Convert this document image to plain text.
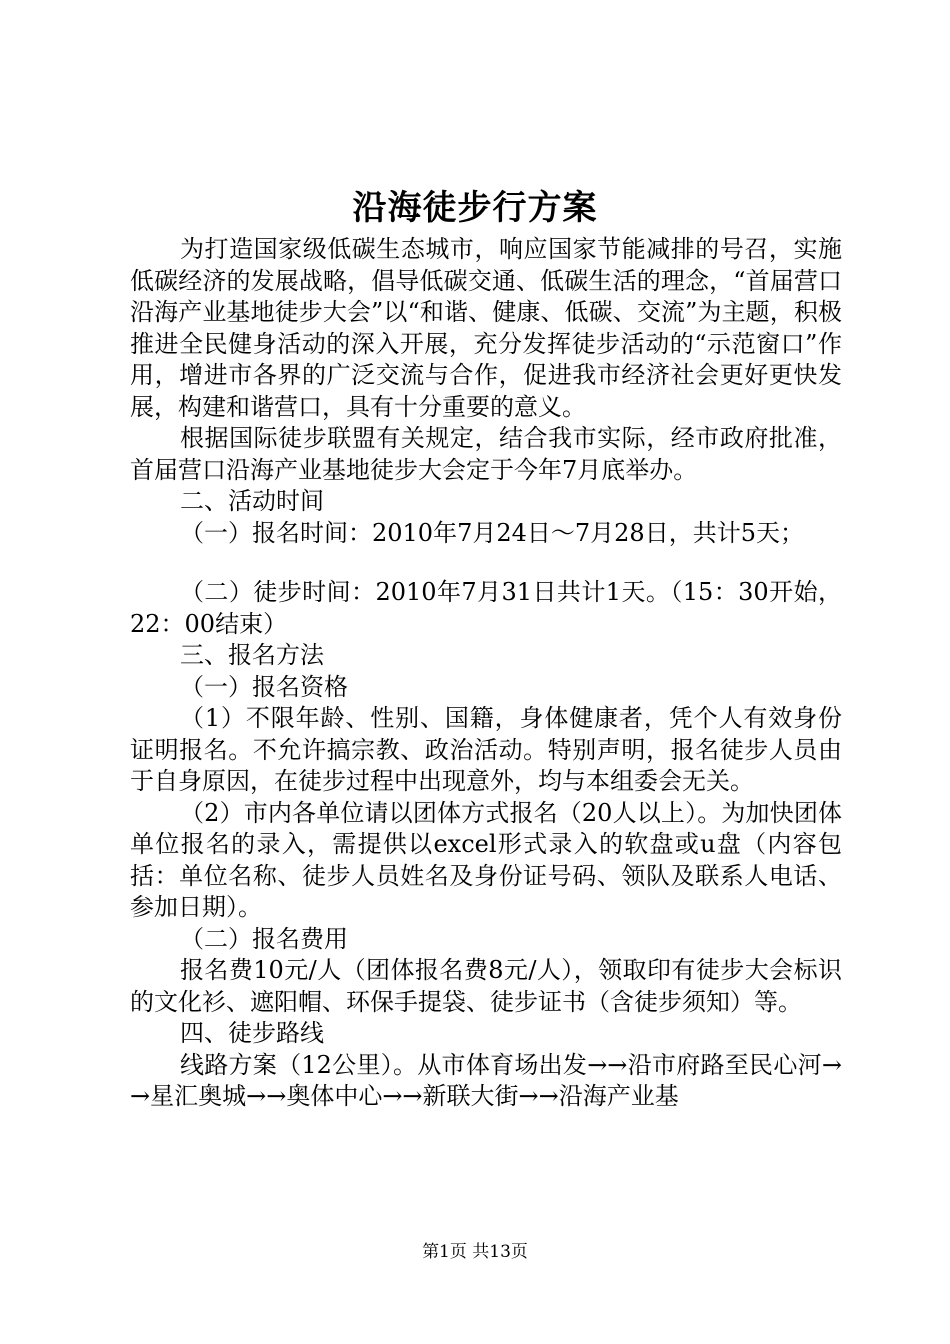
沿海徒步行方案

为打造国家级低碳生态城市，响应国家节能减排的号召，实施低碳经济的发展战略，倡导低碳交通、低碳生活的理念，“首届营口沿海产业基地徒步大会”以“和谐、健康、低碳、交流”为主题，积极推进全民健身活动的深入开展，充分发挥徒步活动的“示范窗口”作用，增进市各界的广泛交流与合作，促进我市经济社会更好更快发展，构建和谐营口，具有十分重要的意义。

根据国际徒步联盟有关规定，结合我市实际，经市政府批准，首届营口沿海产业基地徒步大会定于今年7月底举办。

二、活动时间

（一）报名时间：2010年7月24日～7月28日，共计5天；

（二）徒步时间：2010年7月31日共计1天。（15：30开始，22：00结束）

三、报名方法

（一）报名资格

（1）不限年龄、性别、国籍，身体健康者，凭个人有效身份证明报名。不允许搞宗教、政治活动。特别声明，报名徒步人员由于自身原因，在徒步过程中出现意外，均与本组委会无关。

（2）市内各单位请以团体方式报名（20人以上）。为加快团体单位报名的录入，需提供以excel形式录入的软盘或u盘（内容包括：单位名称、徒步人员姓名及身份证号码、领队及联系人电话、参加日期）。

（二）报名费用

报名费10元/人（团体报名费8元/人），领取印有徒步大会标识的文化衫、遮阳帽、环保手提袋、徒步证书（含徒步须知）等。

四、徒步路线

线路方案（12公里）。从市体育场出发→→沿市府路至民心河→→星汇奥城→→奥体中心→→新联大街→→沿海产业基

第1页 共13页
